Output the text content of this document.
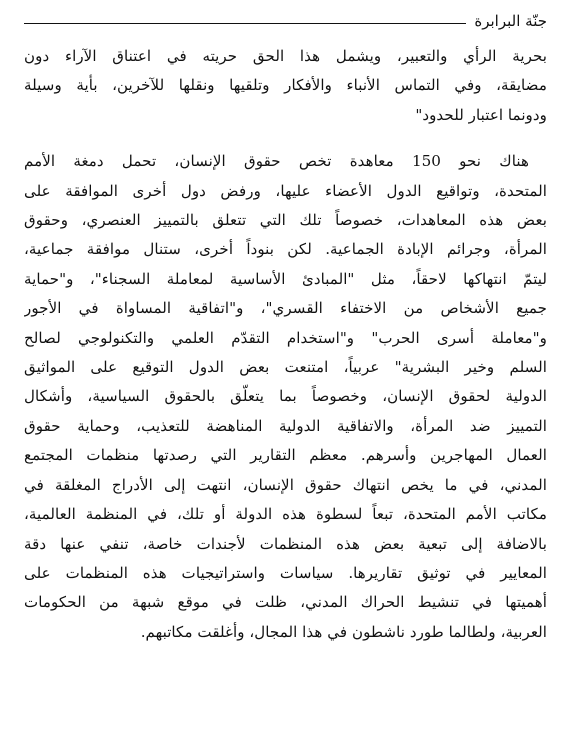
جنّة البرابرة
بحرية الرأي والتعبير، ويشمل هذا الحق حريته في اعتناق الآراء دون
مضايقة، وفي التماس الأنباء والأفكار وتلقيها ونقلها للآخرين، بأية وسيلة
ودونما اعتبار للحدود"
هناك نحو 150 معاهدة تخص حقوق الإنسان، تحمل دمغة الأمم
المتحدة، وتواقيع الدول الأعضاء عليها، ورفض دول أخرى الموافقة على
بعض هذه المعاهدات، خصوصاً تلك التي تتعلق بالتمييز العنصري، وحقوق
المرأة، وجرائم الإبادة الجماعية. لكن بنوداً أخرى، ستنال موافقة جماعية،
ليتمّ انتهاكها لاحقاً، مثل "المبادئ الأساسية لمعاملة السجناء"، و"حماية
جميع الأشخاص من الاختفاء القسري"، و"اتفاقية المساواة في الأجور
و"معاملة أسرى الحرب" و"استخدام التقدّم العلمي والتكنولوجي لصالح
السلم وخير البشرية" عربياً، امتنعت بعض الدول التوقيع على المواثيق
الدولية لحقوق الإنسان، وخصوصاً بما يتعلّق بالحقوق السياسية، وأشكال
التمييز ضد المرأة، والاتفاقية الدولية المناهضة للتعذيب، وحماية حقوق
العمال المهاجرين وأسرهم. معظم التقارير التي رصدتها منظمات المجتمع
المدني، في ما يخص انتهاك حقوق الإنسان، انتهت إلى الأدراج المغلقة في
مكاتب الأمم المتحدة، تبعاً لسطوة هذه الدولة أو تلك، في المنظمة العالمية،
بالاضافة إلى تبعية بعض هذه المنظمات لأجندات خاصة، تنفي عنها دقة
المعايير في توثيق تقاريرها. سياسات واستراتيجيات هذه المنظمات على
أهميتها في تنشيط الحراك المدني، ظلت في موقع شبهة من الحكومات
العربية، ولطالما طورد ناشطون في هذا المجال، وأغلقت مكاتبهم.
